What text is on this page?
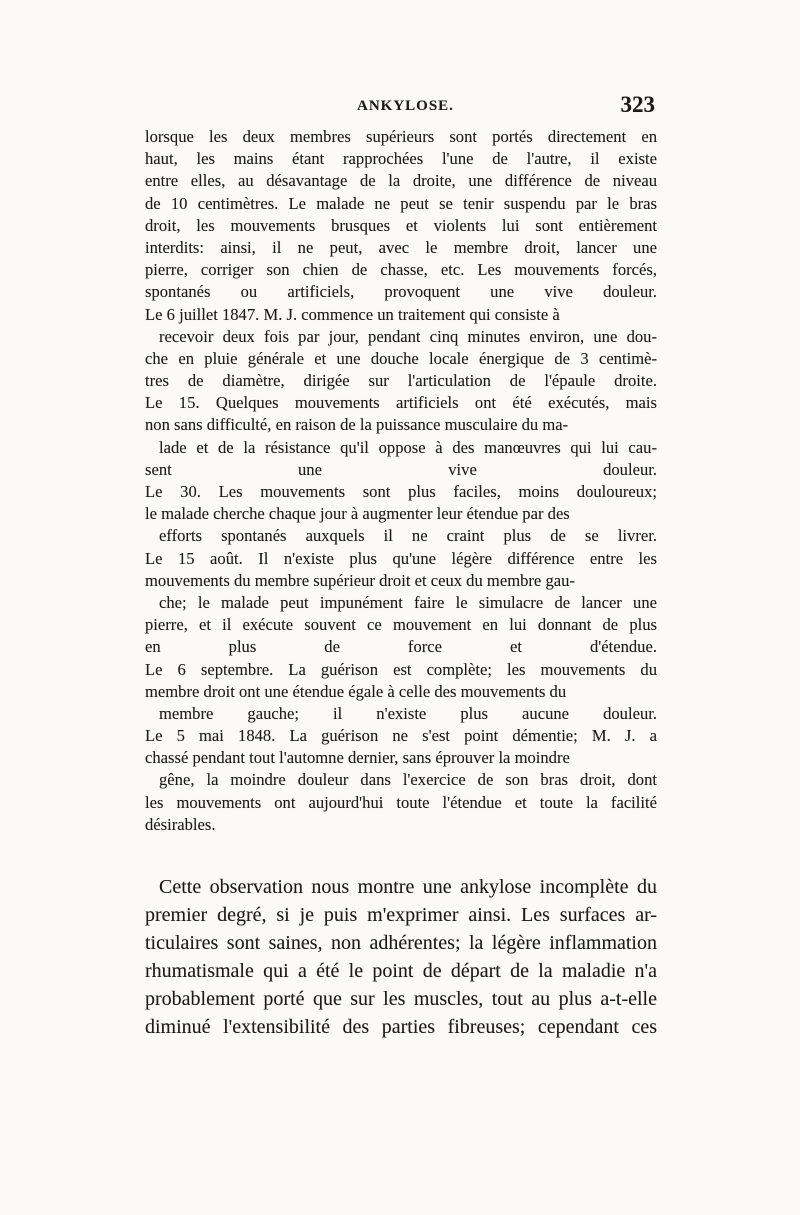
ANKYLOSE.	323
lorsque les deux membres supérieurs sont portés directement en
haut, les mains étant rapprochées l'une de l'autre, il existe
entre elles, au désavantage de la droite, une différence de niveau
de 10 centimètres. Le malade ne peut se tenir suspendu par le bras
droit, les mouvements brusques et violents lui sont entièrement
interdits: ainsi, il ne peut, avec le membre droit, lancer une
pierre, corriger son chien de chasse, etc. Les mouvements forcés,
spontanés ou artificiels, provoquent une vive douleur.
Le 6 juillet 1847. M. J. commence un traitement qui consiste à
recevoir deux fois par jour, pendant cinq minutes environ, une dou-
che en pluie générale et une douche locale énergique de 3 centimè-
tres de diamètre, dirigée sur l'articulation de l'épaule droite.
Le 15. Quelques mouvements artificiels ont été exécutés, mais
non sans difficulté, en raison de la puissance musculaire du ma-
lade et de la résistance qu'il oppose à des manœuvres qui lui cau-
sent une vive douleur.
Le 30. Les mouvements sont plus faciles, moins douloureux;
le malade cherche chaque jour à augmenter leur étendue par des
efforts spontanés auxquels il ne craint plus de se livrer.
Le 15 août. Il n'existe plus qu'une légère différence entre les
mouvements du membre supérieur droit et ceux du membre gau-
che; le malade peut impunément faire le simulacre de lancer une
pierre, et il exécute souvent ce mouvement en lui donnant de plus
en plus de force et d'étendue.
Le 6 septembre. La guérison est complète; les mouvements du
membre droit ont une étendue égale à celle des mouvements du
membre gauche; il n'existe plus aucune douleur.
Le 5 mai 1848. La guérison ne s'est point démentie; M. J. a
chassé pendant tout l'automne dernier, sans éprouver la moindre
gêne, la moindre douleur dans l'exercice de son bras droit, dont
les mouvements ont aujourd'hui toute l'étendue et toute la facilité
désirables.
Cette observation nous montre une ankylose incomplète du
premier degré, si je puis m'exprimer ainsi. Les surfaces ar-
ticulaires sont saines, non adhérentes; la légère inflammation
rhumatismale qui a été le point de départ de la maladie n'a
probablement porté que sur les muscles, tout au plus a-t-elle
diminué l'extensibilité des parties fibreuses; cependant ces
